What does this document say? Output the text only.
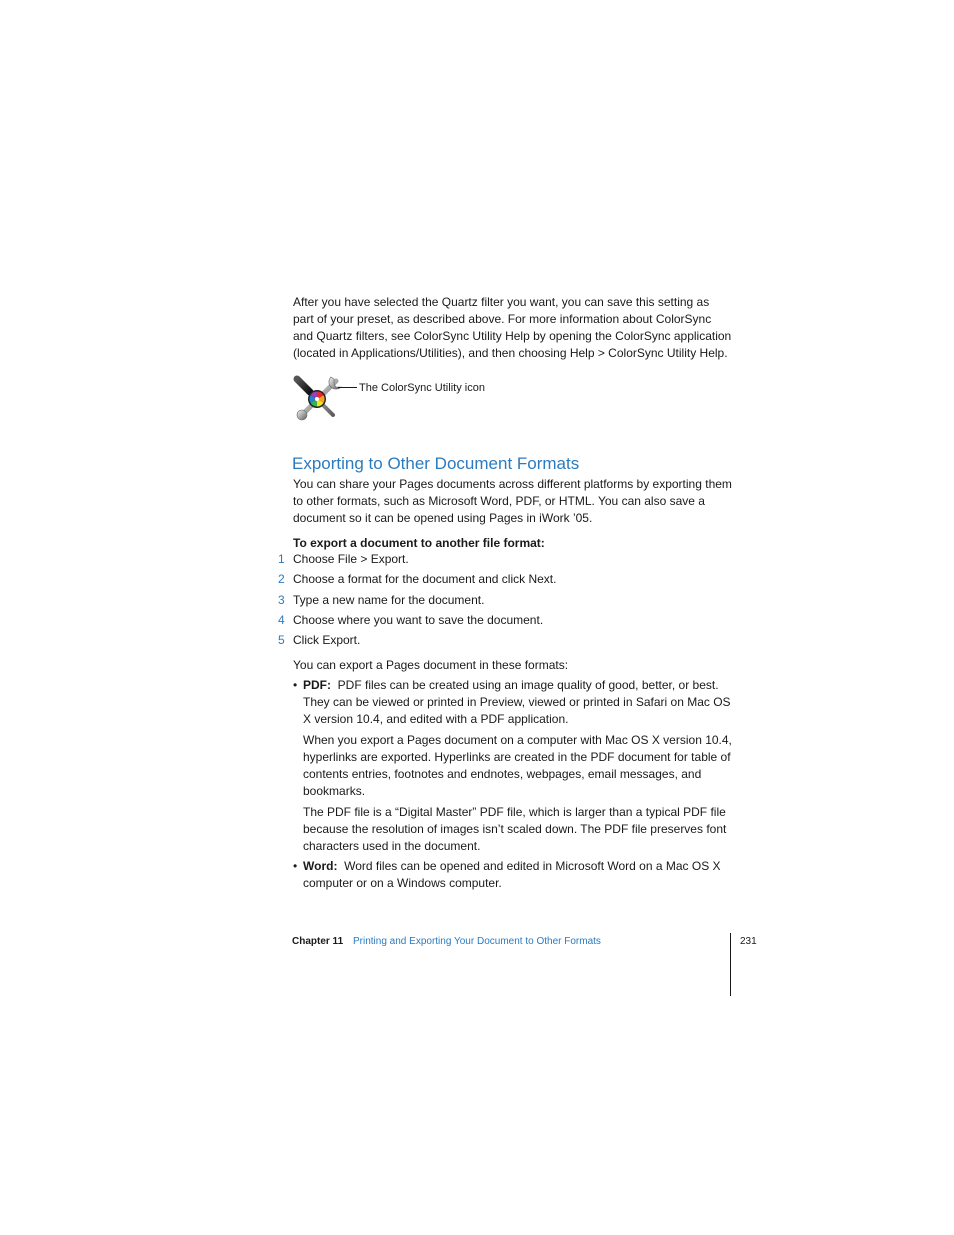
After you have selected the Quartz filter you want, you can save this setting as part of your preset, as described above. For more information about ColorSync and Quartz filters, see ColorSync Utility Help by opening the ColorSync application (located in Applications/Utilities), and then choosing Help > ColorSync Utility Help.

The ColorSync Utility icon
Exporting to Other Document Formats

You can share your Pages documents across different platforms by exporting them to other formats, such as Microsoft Word, PDF, or HTML. You can also save a document so it can be opened using Pages in iWork ’05.

To export a document to another file format:
1 Choose File > Export.
2 Choose a format for the document and click Next.
3 Type a new name for the document.
4 Choose where you want to save the document.
5 Click Export.
You can export a Pages document in these formats:
• PDF: PDF files can be created using an image quality of good, better, or best. They can be viewed or printed in Preview, viewed or printed in Safari on Mac OS X version 10.4, and edited with a PDF application.

When you export a Pages document on a computer with Mac OS X version 10.4, hyperlinks are exported. Hyperlinks are created in the PDF document for table of contents entries, footnotes and endnotes, webpages, email messages, and bookmarks.

The PDF file is a “Digital Master” PDF file, which is larger than a typical PDF file because the resolution of images isn’t scaled down. The PDF file preserves font characters used in the document.

• Word: Word files can be opened and edited in Microsoft Word on a Mac OS X computer or on a Windows computer.
Chapter 11 Printing and Exporting Your Document to Other Formats	231
